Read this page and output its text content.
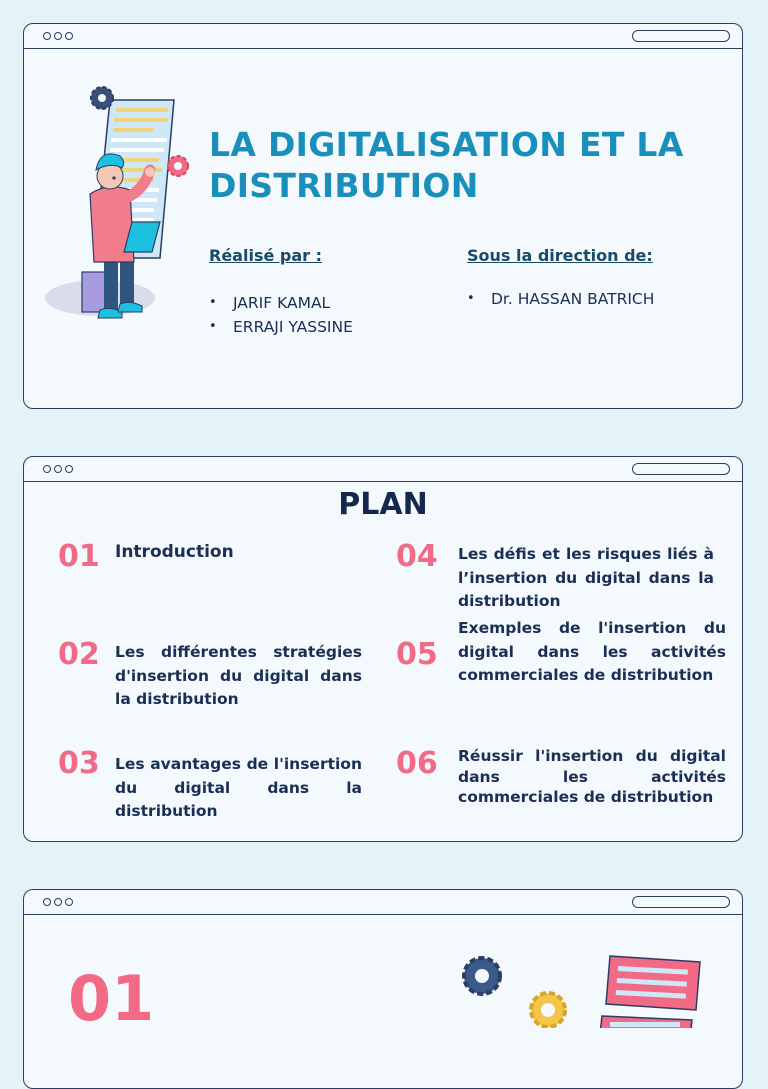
LA DIGITALISATION ET LA DISTRIBUTION
Réalisé par :
• JARIF KAMAL
• ERRAJI YASSINE
Sous la direction de:
• Dr. HASSAN BATRICH
PLAN
01 Introduction
02 Les différentes stratégies d'insertion du digital dans la distribution
03 Les avantages de l'insertion du digital dans la distribution
04 Les défis et les risques liés à l’insertion du digital dans la distribution
05
Exemples de l'insertion du digital dans les activités commerciales de distribution
06 Réussir l'insertion du digital dans les activités commerciales de distribution
01
